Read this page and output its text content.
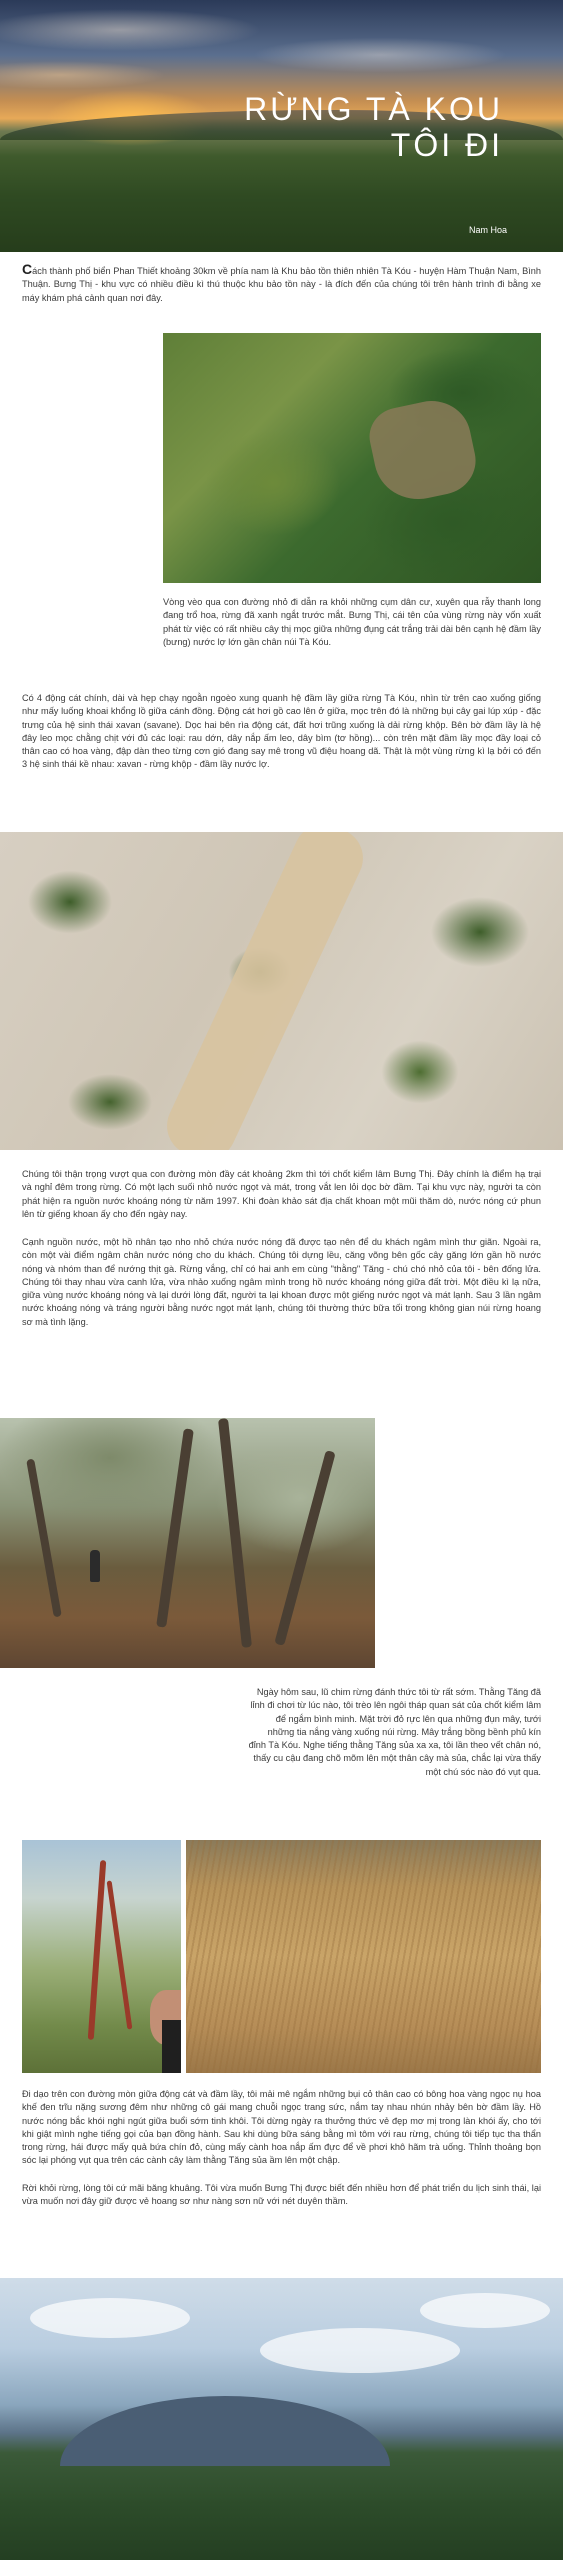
RỪNG TÀ KOU
TÔI ĐI
Nam Hoa

Cách thành phố biển Phan Thiết khoảng 30km về phía nam là Khu bảo tồn thiên nhiên Tà Kóu - huyện Hàm Thuận Nam, Bình Thuận. Bưng Thị - khu vực có nhiều điều kì thú thuộc khu bảo tồn này - là đích đến của chúng tôi trên hành trình đi bằng xe máy khám phá cảnh quan nơi đây.

Vòng vèo qua con đường nhỏ đi dẫn ra khỏi những cụm dân cư, xuyên qua rẫy thanh long đang trổ hoa, rừng đã xanh ngắt trước mắt. Bưng Thị, cái tên của vùng rừng này vốn xuất phát từ việc có rất nhiều cây thị mọc giữa những đụng cát trắng trải dài bên cạnh hệ đầm lầy (bưng) nước lợ lớn gần chân núi Tà Kóu.

Có 4 động cát chính, dài và hẹp chạy ngoằn ngoèo xung quanh hệ đầm lầy giữa rừng Tà Kóu, nhìn từ trên cao xuống giống như mấy luống khoai khổng lồ giữa cánh đồng. Động cát hơi gồ cao lên ở giữa, mọc trên đó là những bụi cây gai lúp xúp - đặc trưng của hệ sinh thái xavan (savane). Dọc hai bên rìa động cát, đất hơi trũng xuống là dải rừng khộp. Bên bờ đầm lầy là hệ đây leo mọc chằng chịt với đủ các loại: rau dớn, dây nắp ấm leo, dây bìm (tơ hồng)... còn trên mặt đầm lầy mọc đầy loại cỏ thân cao có hoa vàng, đập dàn theo từng cơn gió đang say mê trong vũ điệu hoang dã. Thật là một vùng rừng kì lạ bởi có đến 3 hệ sinh thái kề nhau: xavan - rừng khộp - đầm lầy nước lợ.

Chúng tôi thận trọng vượt qua con đường mòn đầy cát khoảng 2km thì tới chốt kiểm lâm Bưng Thị. Đây chính là điểm hạ trại và nghỉ đêm trong rừng. Có một lạch suối nhỏ nước ngọt và mát, trong vắt len lỏi dọc bờ đầm. Tại khu vực này, người ta còn phát hiện ra nguồn nước khoáng nóng từ năm 1997. Khi đoàn khảo sát địa chất khoan một mũi thăm dò, nước nóng cứ phun lên từ giếng khoan ấy cho đến ngày nay.

Cạnh nguồn nước, một hồ nhân tạo nho nhỏ chứa nước nóng đã được tạo nên để du khách ngâm mình thư giãn. Ngoài ra, còn một vài điểm ngâm chân nước nóng cho du khách. Chúng tôi dựng lều, căng võng bên gốc cây găng lớn gần hồ nước nóng và nhóm than để nướng thịt gà. Rừng vắng, chỉ có hai anh em cùng "thằng" Tăng - chú chó nhỏ của tôi - bên đống lửa. Chúng tôi thay nhau vừa canh lửa, vừa nhảo xuống ngâm mình trong hồ nước khoáng nóng giữa đất trời. Một điều kì lạ nữa, giữa vùng nước khoáng nóng và lại dưới lòng đất, người ta lại khoan được một giếng nước ngọt và mát lạnh. Sau 3 lần ngâm nước khoáng nóng và tráng người bằng nước ngọt mát lạnh, chúng tôi thường thức bữa tối trong không gian núi rừng hoang sơ mà tình lặng.

Ngày hôm sau, lũ chim rừng đánh thức tôi từ rất sớm. Thằng Tăng đã lỉnh đi chơi từ lúc nào, tôi trèo lên ngôi tháp quan sát của chốt kiểm lâm để ngắm bình minh. Mặt trời đỏ rực lên qua những đụn mây, tưới những tia nắng vàng xuống núi rừng. Mây trắng bồng bềnh phủ kín đỉnh Tà Kóu. Nghe tiếng thằng Tăng sủa xa xa, tôi lần theo vết chân nó, thấy cu cậu đang chõ mõm lên một thân cây mà sủa, chắc lại vừa thấy một chú sóc nào đó vụt qua.

Đi dạo trên con đường mòn giữa động cát và đầm lầy, tôi mải mê ngắm những bụi cỏ thân cao có bông hoa vàng ngọc nụ hoa khế đen trĩu nặng sương đêm như những cô gái mang chuỗi ngọc trang sức, nắm tay nhau nhún nhảy bên bờ đầm lầy. Hồ nước nóng bắc khói nghi ngút giữa buổi sớm tinh khôi. Tôi dừng ngày ra thưởng thức vẻ đẹp mơ mị trong làn khói ấy, cho tới khi giật mình nghe tiếng gọi của bạn đồng hành. Sau khi dùng bữa sáng bằng mì tôm với rau rừng, chúng tôi tiếp tục tha thẩn trong rừng, hái được mấy quả bứa chín đỏ, cùng mấy cành hoa nắp ấm đực để về phơi khô hãm trà uống. Thỉnh thoảng bọn sóc lại phóng vụt qua trên các cành cây làm thằng Tăng sủa ầm lên một chập.

Rời khỏi rừng, lòng tôi cứ mãi băng khuâng. Tôi vừa muốn Bưng Thị được biết đến nhiều hơn để phát triển du lịch sinh thái, lại vừa muốn nơi đây giữ được vẻ hoang sơ như nàng sơn nữ với nét duyên thầm.
